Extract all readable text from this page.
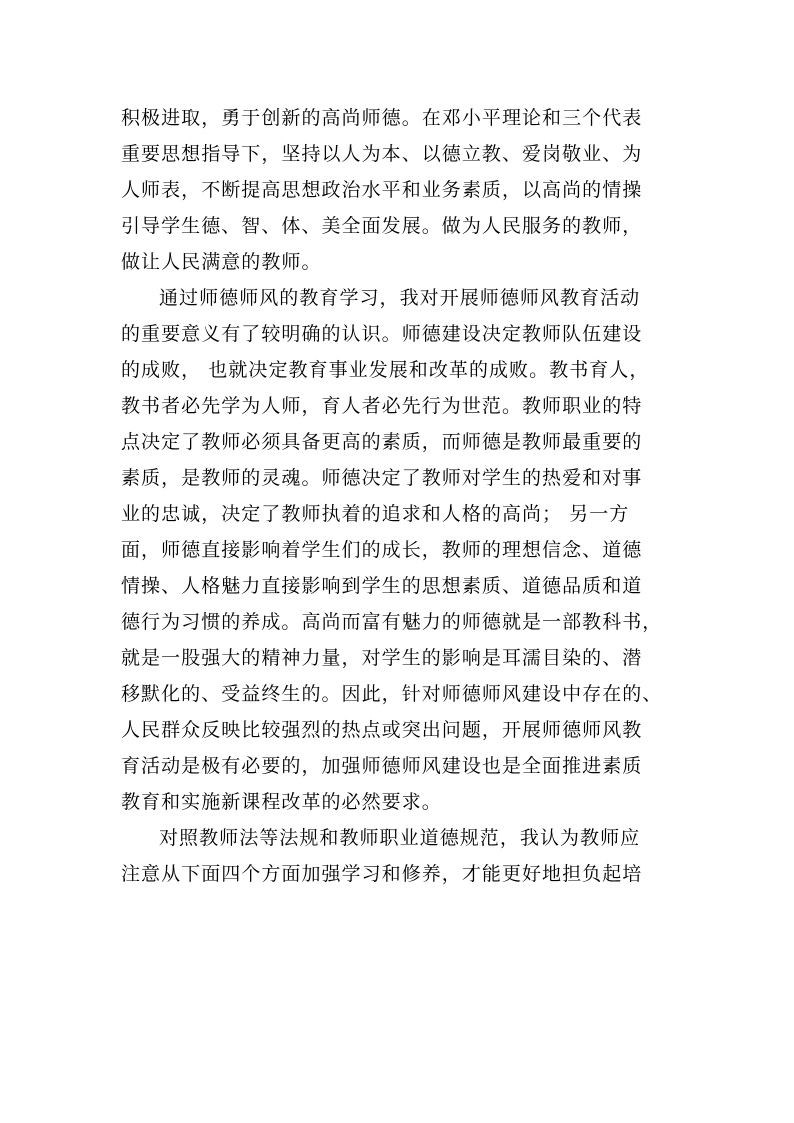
积极进取，勇于创新的高尚师德。在邓小平理论和三个代表
重要思想指导下，坚持以人为本、以德立教、爱岗敬业、为
人师表，不断提高思想政治水平和业务素质，以高尚的情操
引导学生德、智、体、美全面发展。做为人民服务的教师，
做让人民满意的教师。
通过师德师风的教育学习，我对开展师德师风教育活动
的重要意义有了较明确的认识。师德建设决定教师队伍建设
的成败， 也就决定教育事业发展和改革的成败。教书育人，
教书者必先学为人师，育人者必先行为世范。教师职业的特
点决定了教师必须具备更高的素质，而师德是教师最重要的
素质，是教师的灵魂。师德决定了教师对学生的热爱和对事
业的忠诚，决定了教师执着的追求和人格的高尚； 另一方
面，师德直接影响着学生们的成长，教师的理想信念、道德
情操、人格魅力直接影响到学生的思想素质、道德品质和道
德行为习惯的养成。高尚而富有魅力的师德就是一部教科书，
就是一股强大的精神力量，对学生的影响是耳濡目染的、潜
移默化的、受益终生的。因此，针对师德师风建设中存在的、
人民群众反映比较强烈的热点或突出问题，开展师德师风教
育活动是极有必要的，加强师德师风建设也是全面推进素质
教育和实施新课程改革的必然要求。
对照教师法等法规和教师职业道德规范，我认为教师应
注意从下面四个方面加强学习和修养，才能更好地担负起培
